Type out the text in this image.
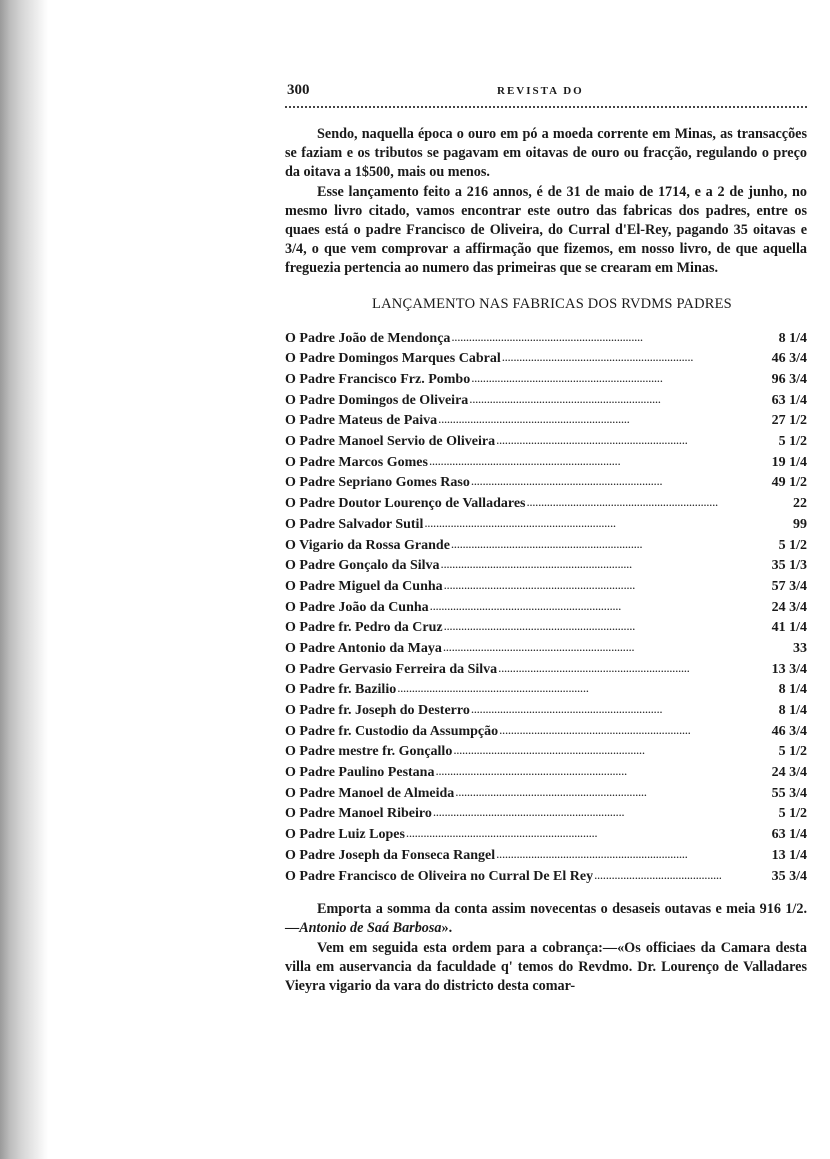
300	REVISTA DO

Sendo, naquella época o ouro em pó a moeda corrente em Minas, as transacções se faziam e os tributos se pagavam em oitavas de ouro ou fracção, regulando o preço da oitava a 1$500, mais ou menos.

Esse lançamento feito a 216 annos, é de 31 de maio de 1714, e a 2 de junho, no mesmo livro citado, vamos encontrar este outro das fabricas dos padres, entre os quaes está o padre Francisco de Oliveira, do Curral d'El-Rey, pagando 35 oitavas e 3/4, o que vem comprovar a affirmação que fizemos, em nosso livro, de que aquella freguezia pertencia ao numero das primeiras que se crearam em Minas.

LANÇAMENTO NAS FABRICAS DOS RVDMS PADRES
O Padre João de Mendonça . . .	8 1/4
O Padre Domingos Marques Cabral . . .	46 3/4
O Padre Francisco Frz. Pombo . . .	96 3/4
O Padre Domingos de Oliveira . . .	63 1/4
O Padre Mateus de Paiva . . .	27 1/2
O Padre Manoel Servio de Oliveira . . .	5 1/2
O Padre Marcos Gomes . . .	19 1/4
O Padre Sepriano Gomes Raso . . .	49 1/2
O Padre Doutor Lourenço de Valladares . . .	22
O Padre Salvador Sutil . . .	99
O Vigario da Rossa Grande . . .	5 1/2
O Padre Gonçalo da Silva . . .	35 1/3
O Padre Miguel da Cunha . . .	57 3/4
O Padre João da Cunha . . .	24 3/4
O Padre fr. Pedro da Cruz . . .	41 1/4
O Padre Antonio da Maya . . .	33
O Padre Gervasio Ferreira da Silva . . .	13 3/4
O Padre fr. Bazilio . . .	8 1/4
O Padre fr. Joseph do Desterro . . .	8 1/4
O Padre fr. Custodio da Assumpção . . .	46 3/4
O Padre mestre fr. Gonçallo . . .	5 1/2
O Padre Paulino Pestana . . .	24 3/4
O Padre Manoel de Almeida . . .	55 3/4
O Padre Manoel Ribeiro . . .	5 1/2
O Padre Luiz Lopes . . .	63 1/4
O Padre Joseph da Fonseca Rangel . . .	13 1/4
O Padre Francisco de Oliveira no Curral De El Rey . . .	35 3/4

Emporta a somma da conta assim novecentas o desaseis outavas e meia 916 1/2.—Antonio de Saá Barbosa».

Vem em seguida esta ordem para a cobrança:—«Os officiaes da Camara desta villa em auservancia da faculdade q' temos do Revdmo. Dr. Lourenço de Valladares Vieyra vigario da vara do districto desta comar-
